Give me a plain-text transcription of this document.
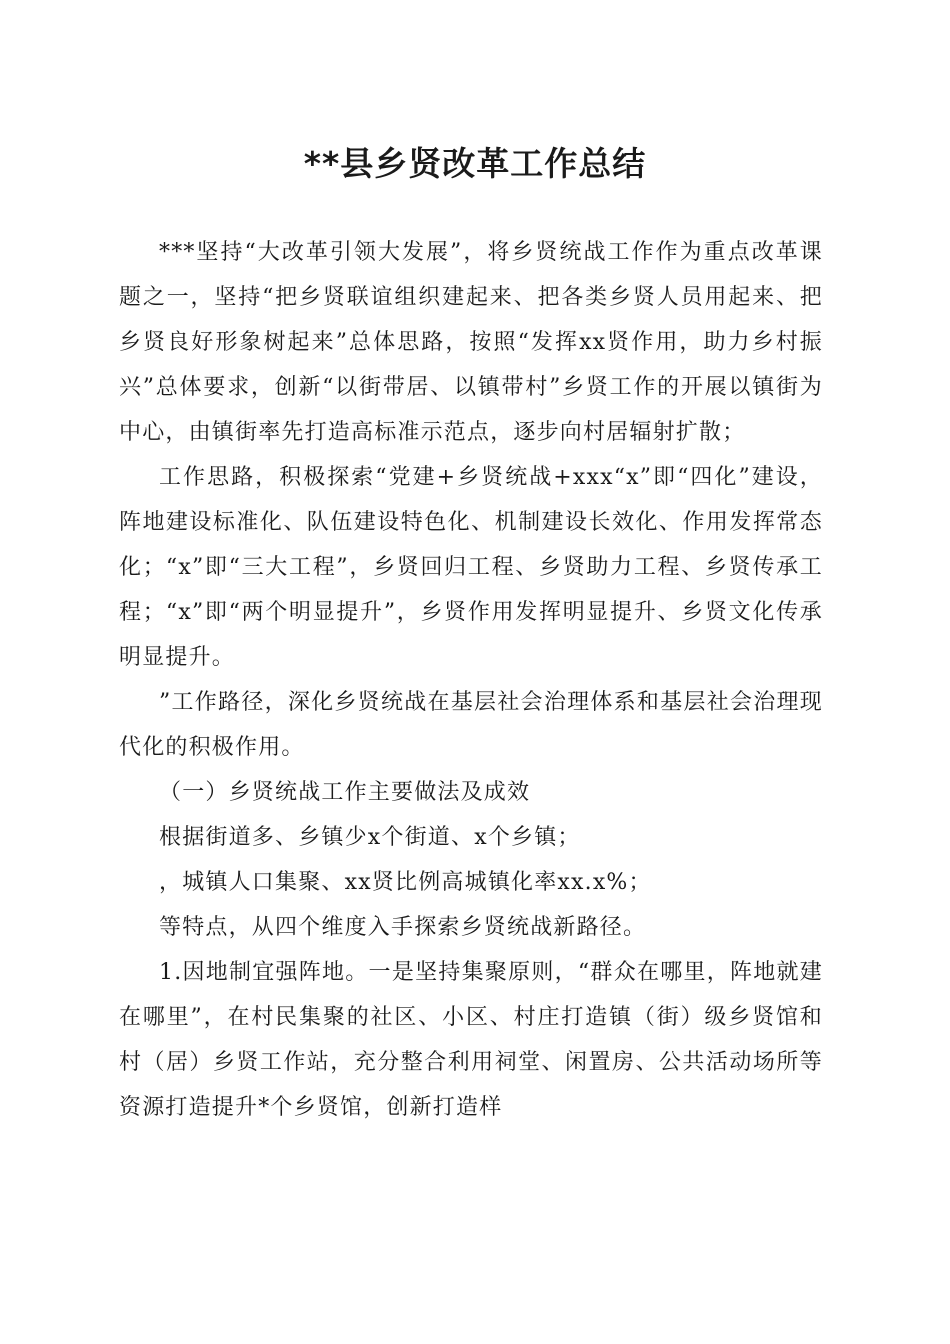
**县乡贤改革工作总结

***坚持“大改革引领大发展”，将乡贤统战工作作为重点改革课题之一，坚持“把乡贤联谊组织建起来、把各类乡贤人员用起来、把乡贤良好形象树起来”总体思路，按照“发挥xx贤作用，助力乡村振兴”总体要求，创新“以街带居、以镇带村”乡贤工作的开展以镇街为中心，由镇街率先打造高标准示范点，逐步向村居辐射扩散；

工作思路，积极探索“党建+乡贤统战+xxx“x”即“四化”建设，阵地建设标准化、队伍建设特色化、机制建设长效化、作用发挥常态化；“x”即“三大工程”，乡贤回归工程、乡贤助力工程、乡贤传承工程；“x”即“两个明显提升”，乡贤作用发挥明显提升、乡贤文化传承明显提升。

”工作路径，深化乡贤统战在基层社会治理体系和基层社会治理现代化的积极作用。

（一）乡贤统战工作主要做法及成效

根据街道多、乡镇少x个街道、x个乡镇；

，城镇人口集聚、xx贤比例高城镇化率xx.x%；

等特点，从四个维度入手探索乡贤统战新路径。

1.因地制宜强阵地。一是坚持集聚原则，“群众在哪里，阵地就建在哪里”，在村民集聚的社区、小区、村庄打造镇（街）级乡贤馆和村（居）乡贤工作站，充分整合利用祠堂、闲置房、公共活动场所等资源打造提升*个乡贤馆，创新打造样
